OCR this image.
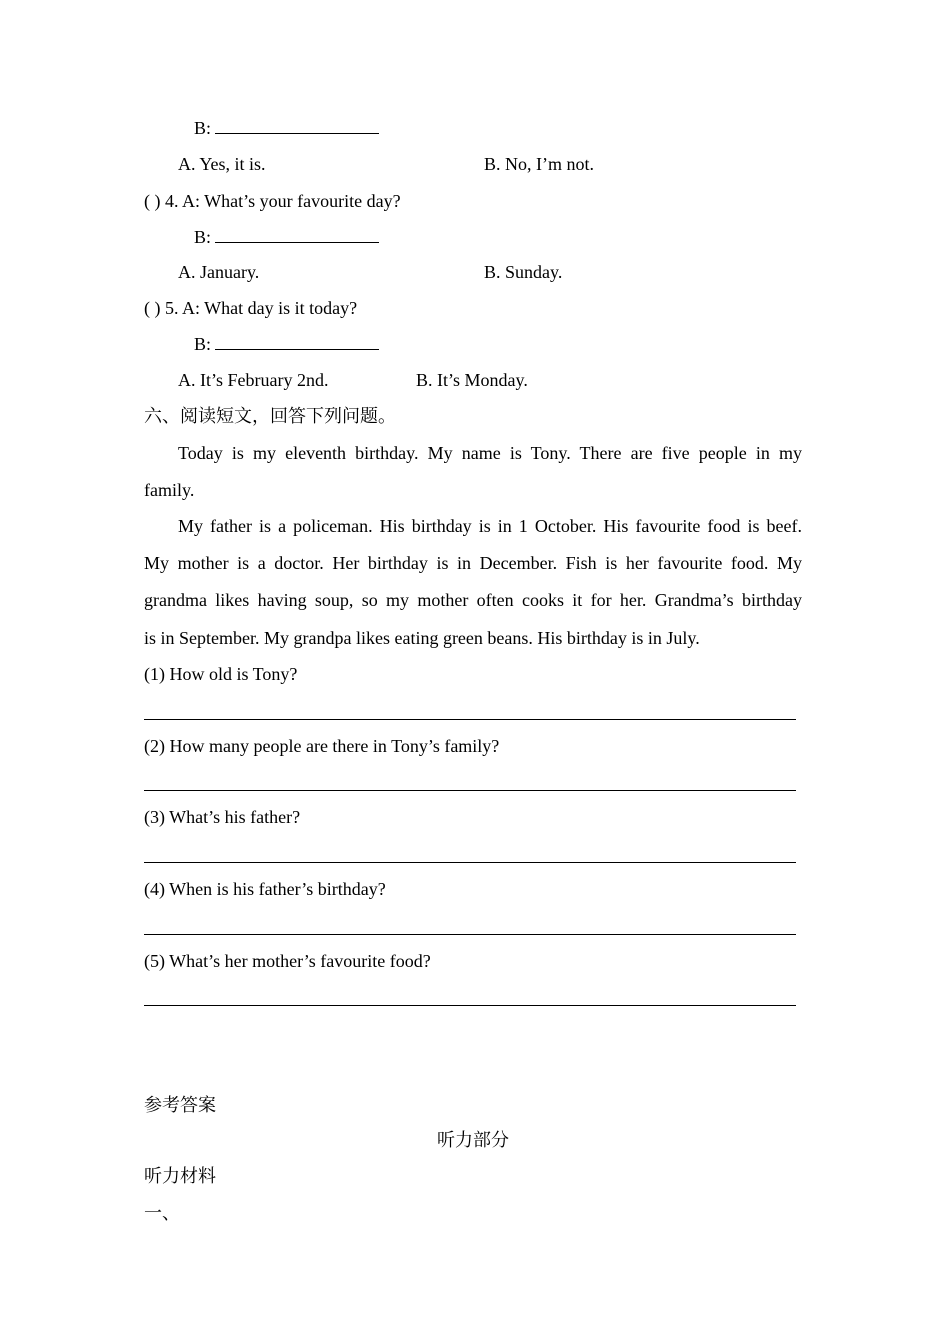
B:
A. Yes, it is.	B. No, I’m not.
( ) 4. A: What’s your favourite day?
B:
A. January.	B. Sunday.
( ) 5. A: What day is it today?
B:
A. It’s February 2nd.	B. It’s Monday.
六、阅读短文，回答下列问题。
Today is my eleventh birthday. My name is Tony. There are five people in my
family.
My father is a policeman. His birthday is in 1 October. His favourite food is beef.
My mother is a doctor. Her birthday is in December. Fish is her favourite food. My
grandma likes having soup, so my mother often cooks it for her. Grandma’s birthday
is in September. My grandpa likes eating green beans. His birthday is in July.
(1) How old is Tony?
(2) How many people are there in Tony’s family?
(3) What’s his father?
(4) When is his father’s birthday?
(5) What’s her mother’s favourite food?
参考答案
听力部分
听力材料
一、
